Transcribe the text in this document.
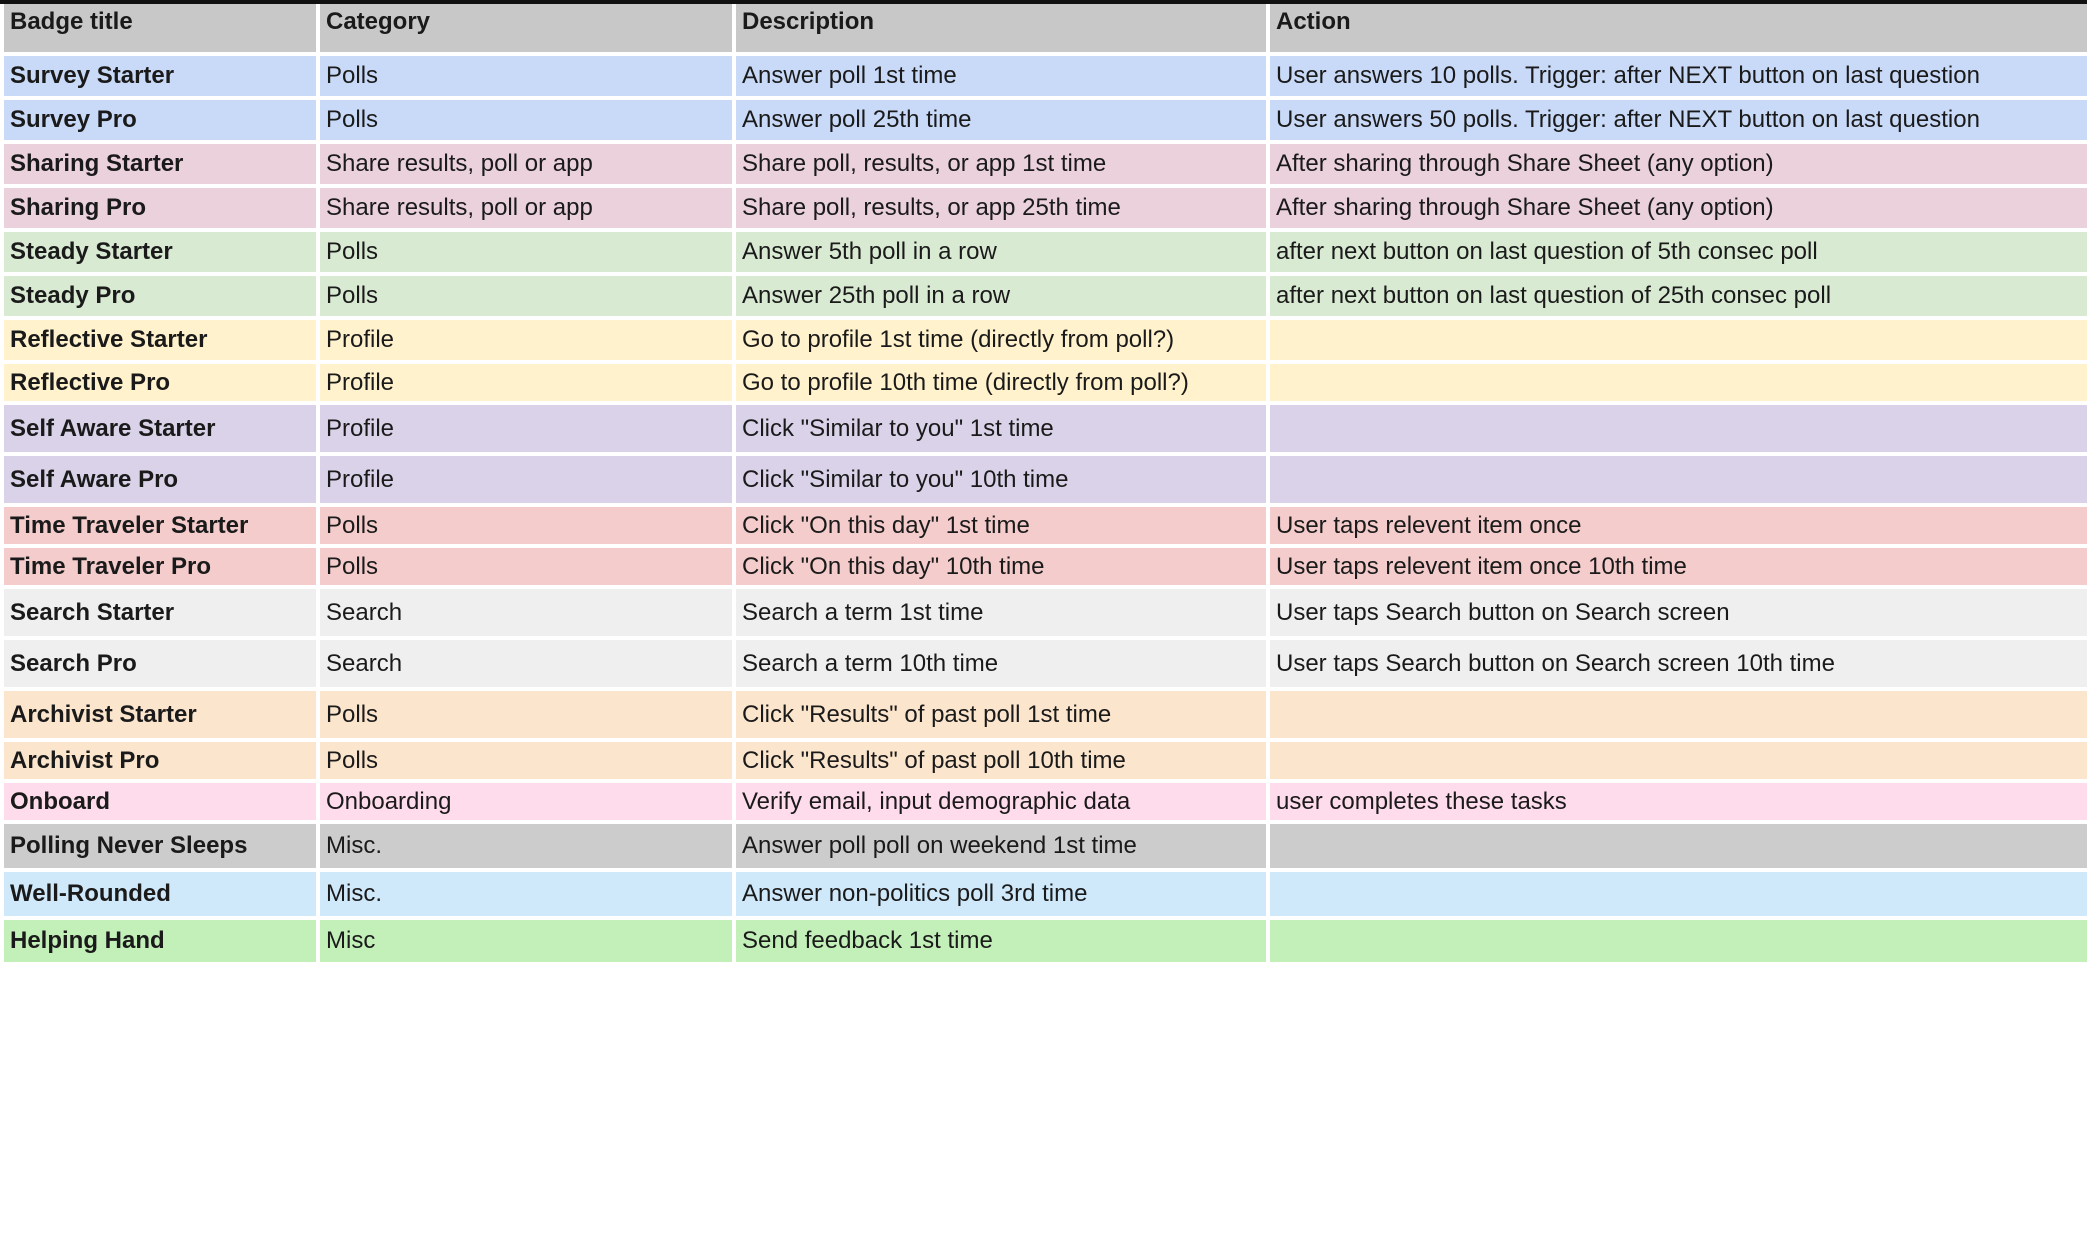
Badge title	Category	Description	Action
Survey Starter	Polls	Answer poll 1st time	User answers 10 polls. Trigger: after NEXT button on last question
Survey Pro	Polls	Answer poll 25th time	User answers 50 polls. Trigger: after NEXT button on last question
Sharing Starter	Share results, poll or app	Share poll, results, or app 1st time	After sharing through Share Sheet (any option)
Sharing Pro	Share results, poll or app	Share poll, results, or app 25th time	After sharing through Share Sheet (any option)
Steady Starter	Polls	Answer 5th poll in a row	after next button on last question of 5th consec poll
Steady Pro	Polls	Answer 25th poll in a row	after next button on last question of 25th consec poll
Reflective Starter	Profile	Go to profile 1st time (directly from poll?)	
Reflective Pro	Profile	Go to profile 10th time (directly from poll?)	
Self Aware Starter	Profile	Click "Similar to you" 1st time	
Self Aware Pro	Profile	Click "Similar to you" 10th time	
Time Traveler Starter	Polls	Click "On this day" 1st time	User taps relevent item once
Time Traveler Pro	Polls	Click "On this day" 10th time	User taps relevent item once 10th time
Search Starter	Search	Search a term 1st time	User taps Search button on Search screen
Search Pro	Search	Search a term 10th time	User taps Search button on Search screen 10th time
Archivist Starter	Polls	Click "Results" of past poll 1st time	
Archivist Pro	Polls	Click "Results" of past poll 10th time	
Onboard	Onboarding	Verify email, input demographic data	user completes these tasks
Polling Never Sleeps	Misc.	Answer poll poll on weekend 1st time	
Well-Rounded	Misc.	Answer non-politics poll 3rd time	
Helping Hand	Misc	Send feedback 1st time	
